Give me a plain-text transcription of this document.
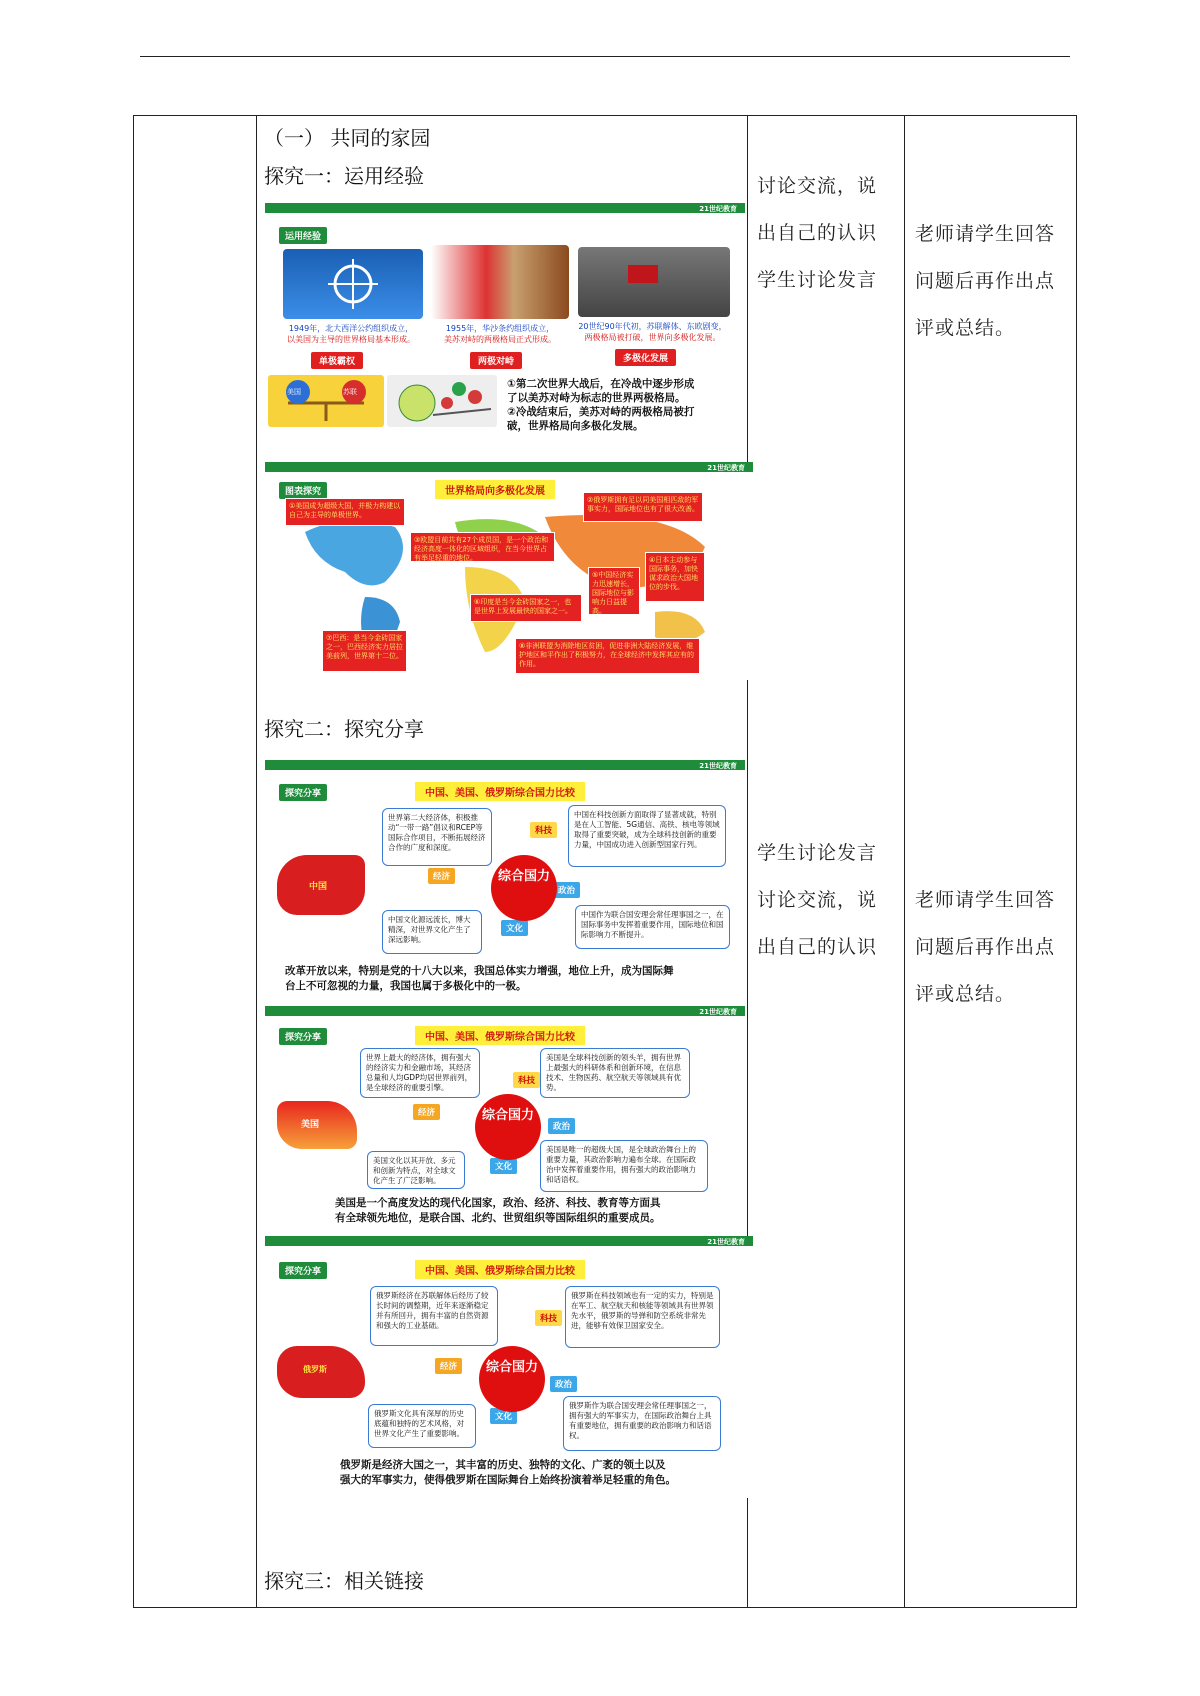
（一） 共同的家园
探究一：运用经验
探究二：探究分享
探究三：相关链接
讨论交流，说
出自己的认识
学生讨论发言
老师请学生回答
问题后再作出点
评或总结。
学生讨论发言
讨论交流，说
出自己的认识
老师请学生回答
问题后再作出点
评或总结。
21世纪教育
运用经验
1949年，北大西洋公约组织成立，
以美国为主导的世界格局基本形成。
1955年，华沙条约组织成立，
美苏对峙的两极格局正式形成。
20世纪90年代初，苏联解体、东欧剧变，
两极格局被打破，世界向多极化发展。
单极霸权	两极对峙	多极化发展
美国	苏联
①第二次世界大战后，在冷战中逐步形成
了以美苏对峙为标志的世界两极格局。
②冷战结束后，美苏对峙的两极格局被打
破，世界格局向多极化发展。
21世纪教育
图表探究	世界格局向多极化发展
①美国成为超级大国，并极力构建以自己为主导的单极世界。
②俄罗斯拥有足以同美国相匹敌的军事实力，国际地位也有了很大改善。
③欧盟目前共有27个成员国，是一个政治和经济高度一体化的区域组织，在当今世界占有举足轻重的地位。	④日本主动参与国际事务，加快谋求政治大国地位的步伐。
⑤中国经济实力迅速增长，国际地位与影响力日益提高。
⑥印度是当今金砖国家之一，也是世界上发展最快的国家之一。
⑦巴西：是当今金砖国家之一，巴西经济实力居拉美前列，世界第十二位。
⑧非洲联盟为消除地区贫困，促进非洲大陆经济发展，维护地区和平作出了积极努力，在全球经济中发挥其应有的作用。
21世纪教育
探究分享	中国、美国、俄罗斯综合国力比较
中国
世界第二大经济体，积极推动“一带一路”倡议和RCEP等国际合作项目，不断拓展经济合作的广度和深度。
中国在科技创新方面取得了显著成就，特别是在人工智能、5G通信、高铁、核电等领域取得了重要突破，成为全球科技创新的重要力量，中国成功进入创新型国家行列。
中国文化源远流长，博大精深，对世界文化产生了深远影响。
中国作为联合国安理会常任理事国之一，在国际事务中发挥着重要作用，国际地位和国际影响力不断提升。
科技
经济
政治
文化
综合国力
改革开放以来，特别是党的十八大以来，我国总体实力增强，地位上升，成为国际舞
台上不可忽视的力量，我国也属于多极化中的一极。
21世纪教育
探究分享	中国、美国、俄罗斯综合国力比较
美国
世界上最大的经济体，拥有强大的经济实力和金融市场，其经济总量和人均GDP均居世界前列，是全球经济的重要引擎。
美国是全球科技创新的领头羊，拥有世界上最强大的科研体系和创新环境，在信息技术、生物医药、航空航天等领域具有优势。
美国文化以其开放、多元和创新为特点，对全球文化产生了广泛影响。
美国是唯一的超级大国，是全球政治舞台上的重要力量，其政治影响力遍布全球。在国际政治中发挥着重要作用，拥有强大的政治影响力和话语权。
科技
经济
政治
文化
综合国力
美国是一个高度发达的现代化国家，政治、经济、科技、教育等方面具
有全球领先地位，是联合国、北约、世贸组织等国际组织的重要成员。
21世纪教育
探究分享	中国、美国、俄罗斯综合国力比较
俄罗斯
俄罗斯经济在苏联解体后经历了较长时间的调整期，近年来逐渐稳定并有所回升，拥有丰富的自然资源和强大的工业基础。
俄罗斯在科技领域也有一定的实力，特别是在军工、航空航天和核能等领域具有世界领先水平，俄罗斯的导弹和防空系统非常先进，能够有效保卫国家安全。
俄罗斯文化具有深厚的历史底蕴和独特的艺术风格，对世界文化产生了重要影响。
俄罗斯作为联合国安理会常任理事国之一，拥有强大的军事实力，在国际政治舞台上具有重要地位，拥有重要的政治影响力和话语权。
科技
经济
政治
文化
综合国力
俄罗斯是经济大国之一，其丰富的历史、独特的文化、广袤的领土以及
强大的军事实力，使得俄罗斯在国际舞台上始终扮演着举足轻重的角色。
